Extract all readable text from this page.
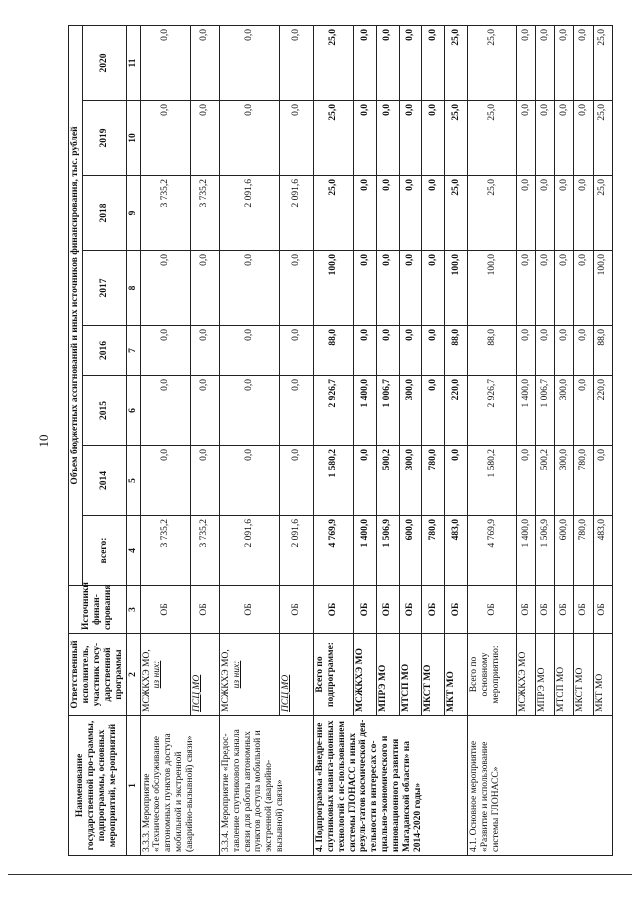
10
Наименование государственной про-граммы, подпрограммы, основных мероприятий, ме-роприятий	Ответственный исполнитель, участник госу-дарственной программы	Источники финан-сирования	Объем бюджетных ассигнований и иных источников финансирования, тыс. рублей							
			всего:	2014	2015	2016	2017	2018	2019	2020

1	2	3	4	5	6	7	8	9	10	11
3.3.3. Мероприятие «Техническое обслуживание автономных пунктов доступа мобильной и экстренной (аварийно-вызывной) связи»	МСЖКХЭ МО, из них:	ОБ	3 735,2	0,0	0,0	0,0	0,0	3 735,2	0,0	0,0
	ПСЦ МО	ОБ	3 735,2	0,0	0,0	0,0	0,0	3 735,2	0,0	0,0
3.3.4. Мероприятие «Предос-тавление спутникового канала связи для работы автономных пунктов доступа мобильной и экстренной (аварийно-вызывной) связи»	МСЖКХЭ МО, из них:	ОБ	2 091,6	0,0	0,0	0,0	0,0	2 091,6	0,0	0,0
	ПСЦ МО	ОБ	2 091,6	0,0	0,0	0,0	0,0	2 091,6	0,0	0,0
4. Подпрограмма «Внедре-ние спутниковых навига-ционных технологий с ис-пользованием системы ГЛОНАСС и иных резуль-татов космической дея-тельности в интересах со-циально-экономического и инновационного развития Магаданской области» на 2014-2020 годы»	Всего по подпрограмме:	ОБ	4 769,9	1 580,2	2 926,7	88,0	100,0	25,0	25,0	25,0
	МСЖКХЭ МО	ОБ	1 400,0	0,0	1 400,0	0,0	0,0	0,0	0,0	0,0
	МПРЭ МО	ОБ	1 506,9	500,2	1 006,7	0,0	0,0	0,0	0,0	0,0
	МТСП МО	ОБ	600,0	300,0	300,0	0,0	0,0	0,0	0,0	0,0
	МКСТ МО	ОБ	780,0	780,0	0,0	0,0	0,0	0,0	0,0	0,0
	МКТ МО	ОБ	483,0	0,0	220,0	88,0	100,0	25,0	25,0	25,0
4.1. Основное мероприятие «Развитие и использование системы ГЛОНАСС»	Всего по основному мероприятию:	ОБ	4 769,9	1 580,2	2 926,7	88,0	100,0	25,0	25,0	25,0
	МСЖКХЭ МО	ОБ	1 400,0	0,0	1 400,0	0,0	0,0	0,0	0,0	0,0
	МПРЭ МО	ОБ	1 506,9	500,2	1 006,7	0,0	0,0	0,0	0,0	0,0
	МТСП МО	ОБ	600,0	300,0	300,0	0,0	0,0	0,0	0,0	0,0
	МКСТ МО	ОБ	780,0	780,0	0,0	0,0	0,0	0,0	0,0	0,0
	МКТ МО	ОБ	483,0	0,0	220,0	88,0	100,0	25,0	25,0	25,0
